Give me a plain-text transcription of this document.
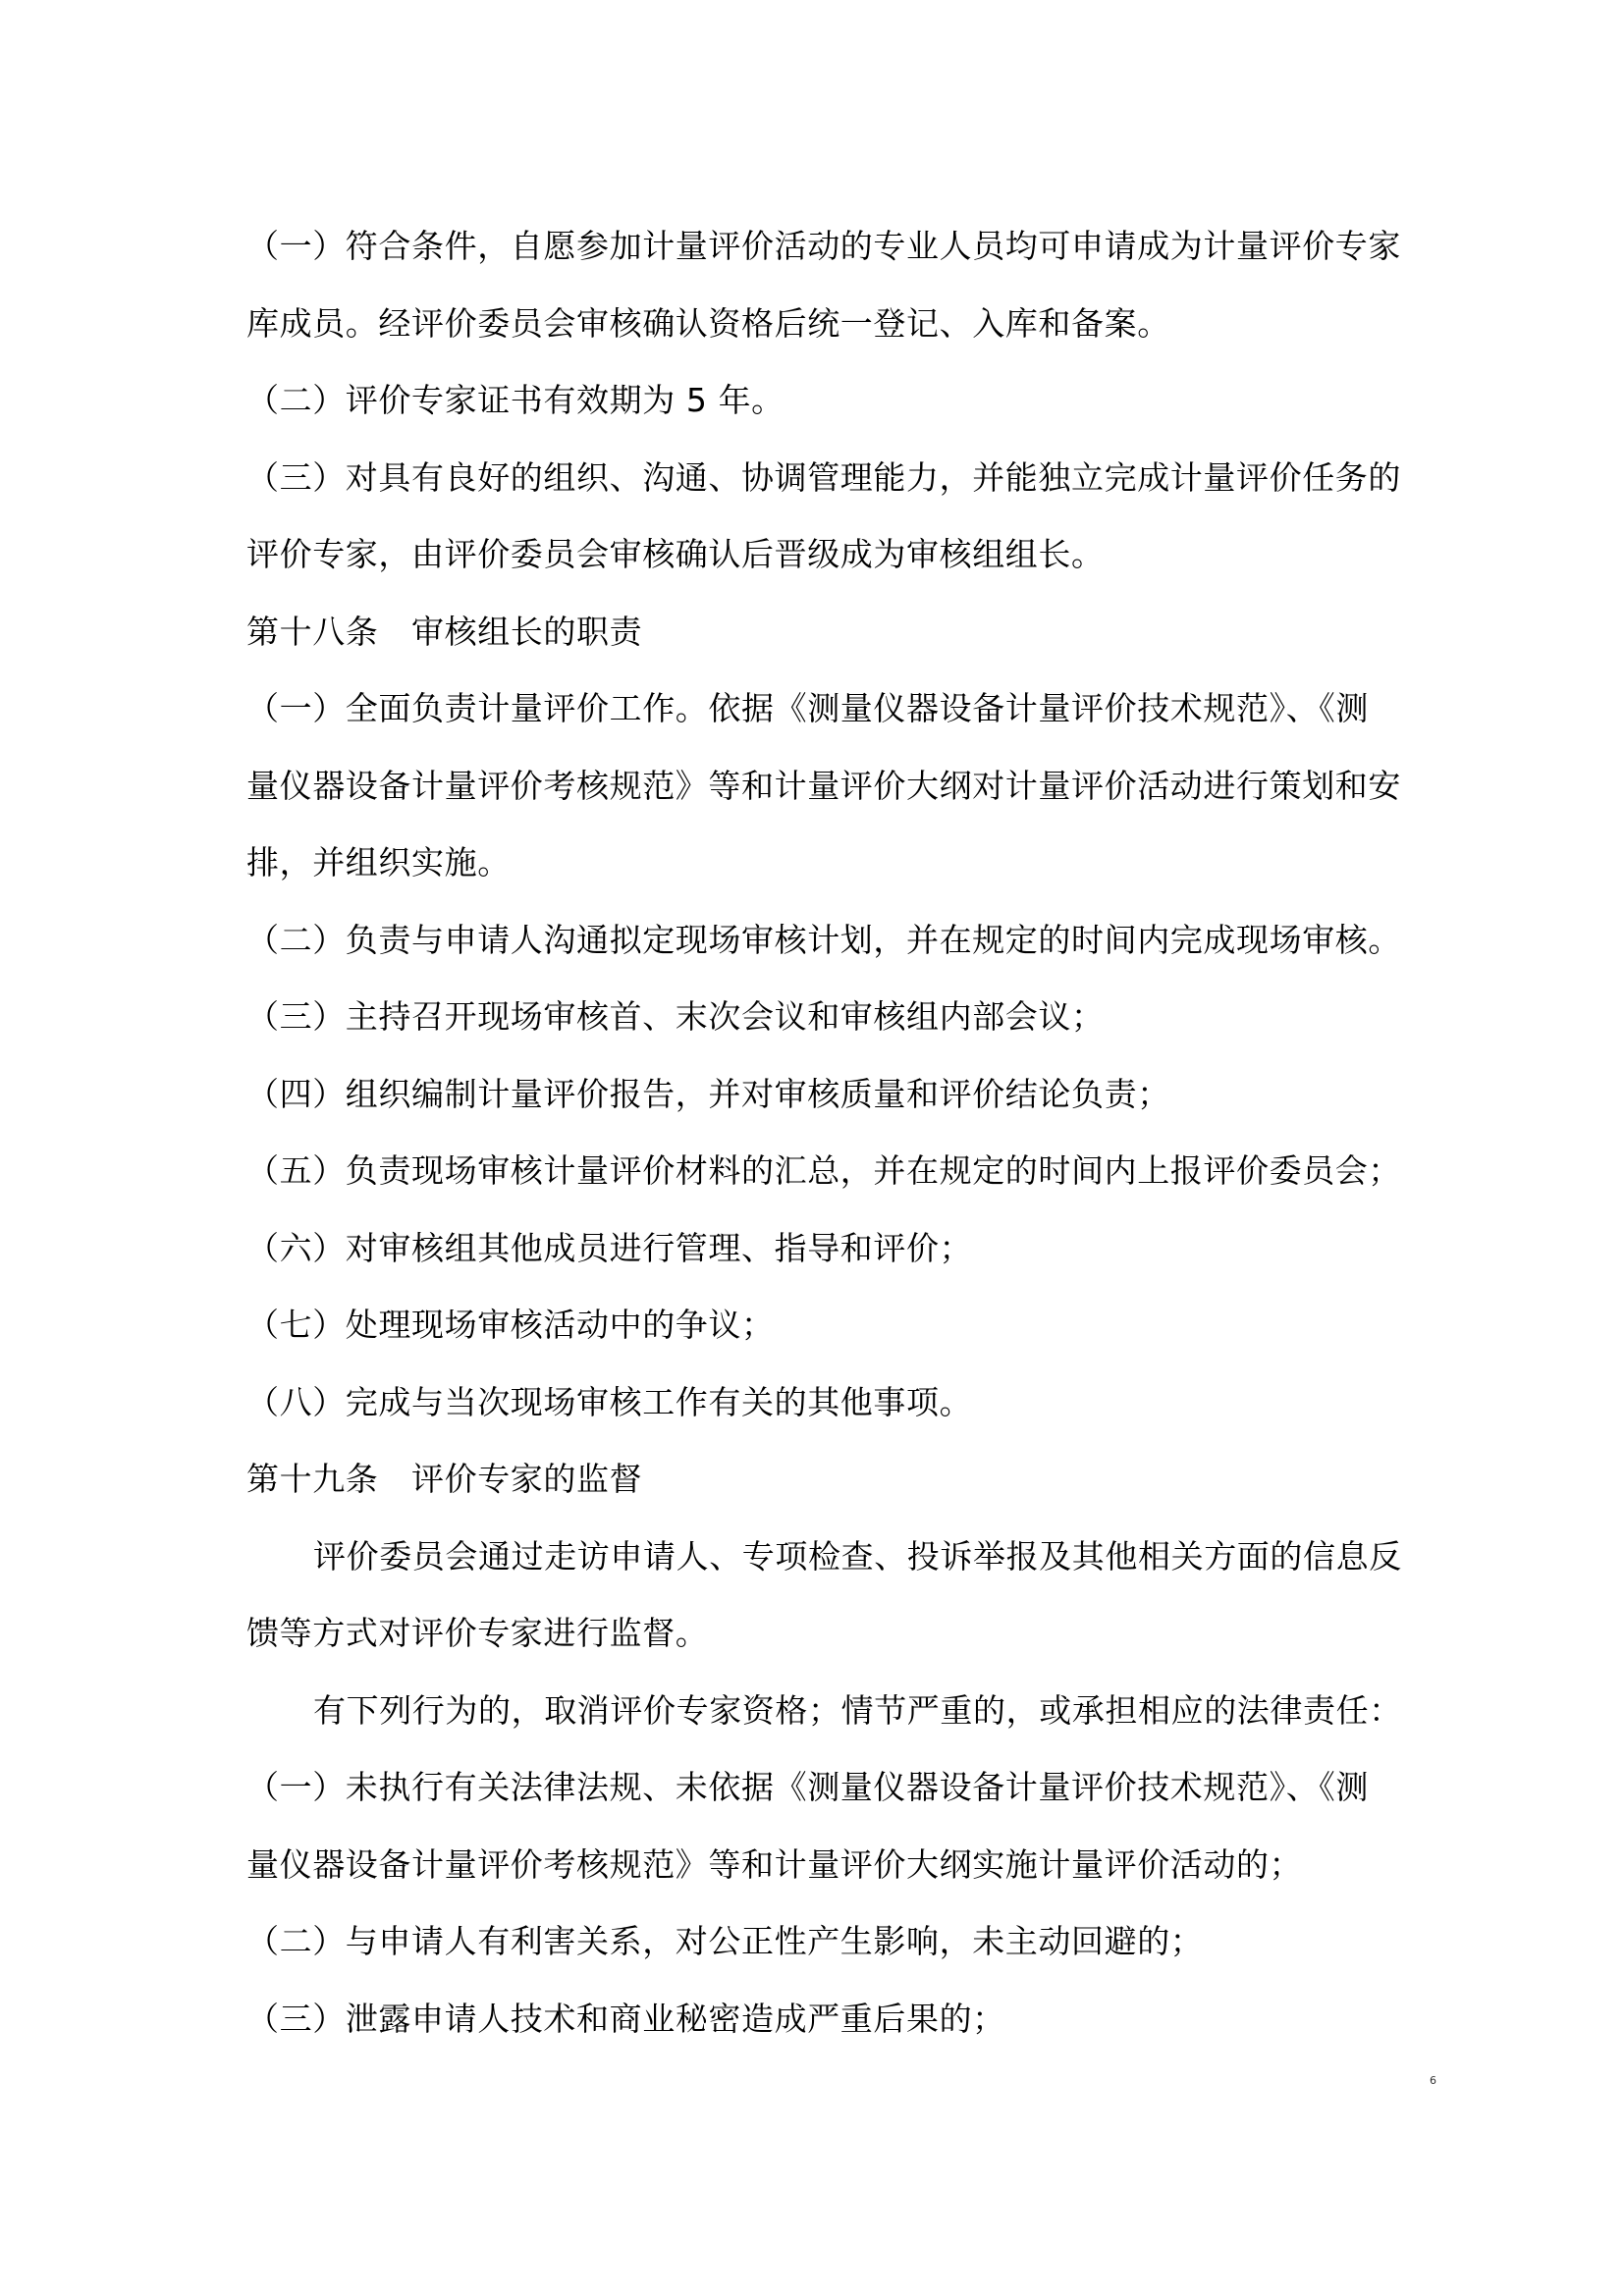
（一）符合条件，自愿参加计量评价活动的专业人员均可申请成为计量评价专家
库成员。经评价委员会审核确认资格后统一登记、入库和备案。
（二）评价专家证书有效期为 5 年。
（三）对具有良好的组织、沟通、协调管理能力，并能独立完成计量评价任务的
评价专家，由评价委员会审核确认后晋级成为审核组组长。
第十八条　审核组长的职责
（一）全面负责计量评价工作。依据《测量仪器设备计量评价技术规范》、《测
量仪器设备计量评价考核规范》等和计量评价大纲对计量评价活动进行策划和安
排，并组织实施。
（二）负责与申请人沟通拟定现场审核计划，并在规定的时间内完成现场审核。
（三）主持召开现场审核首、末次会议和审核组内部会议；
（四）组织编制计量评价报告，并对审核质量和评价结论负责；
（五）负责现场审核计量评价材料的汇总，并在规定的时间内上报评价委员会；
（六）对审核组其他成员进行管理、指导和评价；
（七）处理现场审核活动中的争议；
（八）完成与当次现场审核工作有关的其他事项。
第十九条　评价专家的监督
评价委员会通过走访申请人、专项检查、投诉举报及其他相关方面的信息反
馈等方式对评价专家进行监督。
有下列行为的，取消评价专家资格；情节严重的，或承担相应的法律责任：
（一）未执行有关法律法规、未依据《测量仪器设备计量评价技术规范》、《测
量仪器设备计量评价考核规范》等和计量评价大纲实施计量评价活动的；
（二）与申请人有利害关系，对公正性产生影响，未主动回避的；
（三）泄露申请人技术和商业秘密造成严重后果的；
6
